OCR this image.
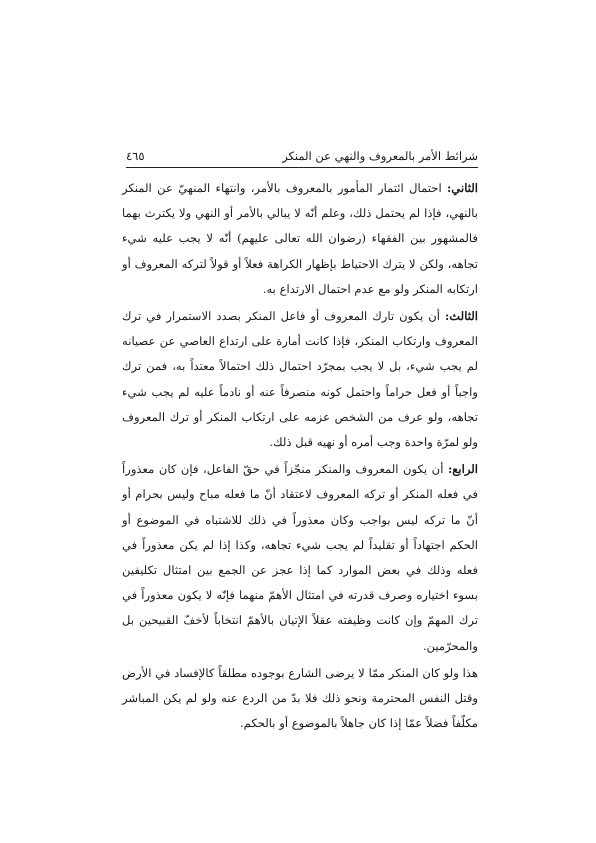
شرائط الأمر بالمعروف والنهي عن المنكر
٤٦٥

الثاني: احتمال ائتمار المأمور بالمعروف بالأمر، وانتهاء المنهيّ عن المنكر بالنهي، فإذا لم يحتمل ذلك، وعلم أنّه لا يبالي بالأمر أو النهي ولا يكترث بهما فالمشهور بين الفقهاء (رضوان الله تعالى عليهم) أنّه لا يجب عليه شيء تجاهه، ولكن لا يترك الاحتياط بإظهار الكراهة فعلاً أو قولاً لتركه المعروف أو ارتكابه المنكر ولو مع عدم احتمال الارتداع به.

الثالث: أن يكون تارك المعروف أو فاعل المنكر بصدد الاستمرار في ترك المعروف وارتكاب المنكر، فإذا كانت أمارة على ارتداع العاصي عن عصيانه لم يجب شيء، بل لا يجب بمجرّد احتمال ذلك احتمالاً معتداً به، فمن ترك واجباً أو فعل حراماً واحتمل كونه منصرفاً عنه أو نادماً عليه لم يجب شيء تجاهه، ولو عرف من الشخص عزمه على ارتكاب المنكر أو ترك المعروف ولو لمرّة واحدة وجب أمره أو نهيه قبل ذلك.

الرابع: أن يكون المعروف والمنكر منجّزاً في حقّ الفاعل، فإن كان معذوراً في فعله المنكر أو تركه المعروف لاعتقاد أنّ ما فعله مباح وليس بحرام أو أنّ ما تركه ليس بواجب وكان معذوراً في ذلك للاشتباه في الموضوع أو الحكم اجتهاداً أو تقليداً لم يجب شيء تجاهه، وكذا إذا لم يكن معذوراً في فعله وذلك في بعض الموارد كما إذا عجز عن الجمع بين امتثال تكليفين بسوء اختياره وصرف قدرته في امتثال الأهمّ منهما فإنّه لا يكون معذوراً في ترك المهمّ وإن كانت وظيفته عقلاً الإتيان بالأهمّ انتخاباً لأخفّ القبيحين بل والمحرّمين.

هذا ولو كان المنكر ممّا لا يرضى الشارع بوجوده مطلقاً كالإفساد في الأرض وقتل النفس المحترمة ونحو ذلك فلا بدّ من الردع عنه ولو لم يكن المباشر مكلّفاً فضلاً عمّا إذا كان جاهلاً بالموضوع أو بالحكم.
